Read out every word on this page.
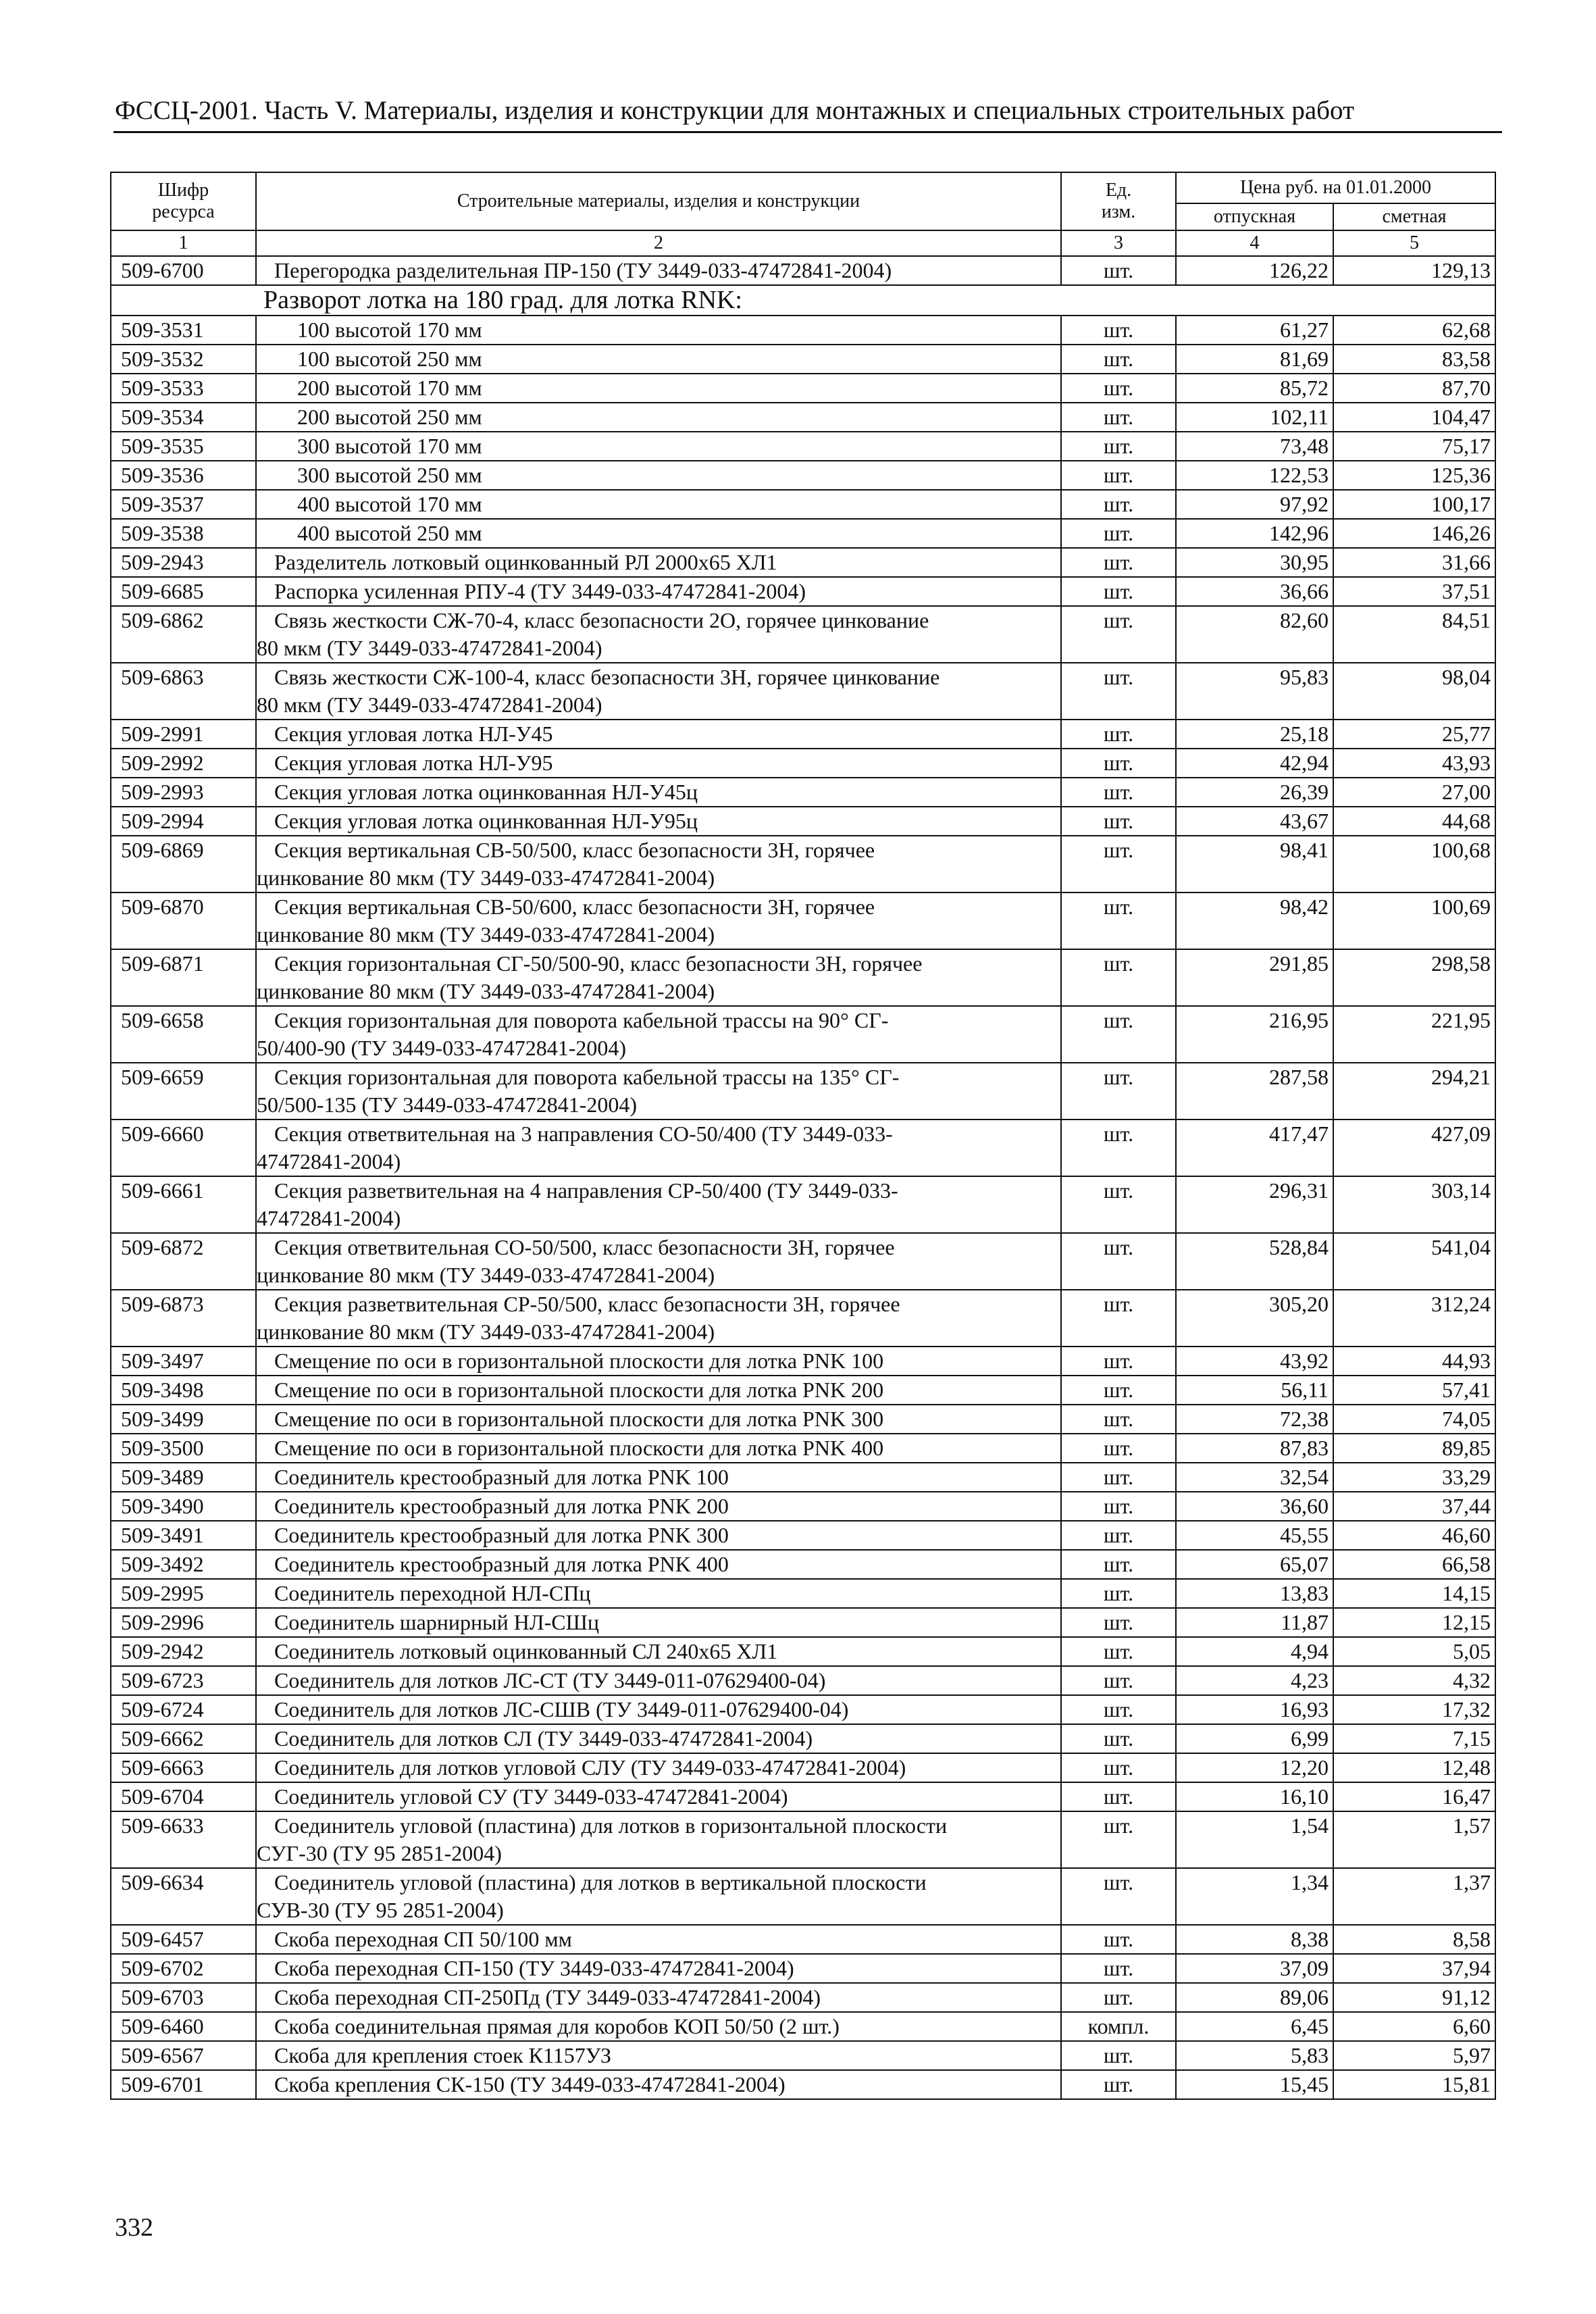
ФССЦ-2001. Часть V. Материалы, изделия и конструкции для монтажных и специальных строительных работ
Шифр ресурса	Строительные материалы, изделия и конструкции	Ед. изм.	Цена руб. на 01.01.2000	
			отпускная	сметная
1	2	3	4	5
509-6700	Перегородка разделительная ПР-150 (ТУ 3449-033-47472841-2004)	шт.	126,22	129,13
Разворот лотка на 180 град. для лотка RNK:				
509-3531	100 высотой 170 мм	шт.	61,27	62,68
509-3532	100 высотой 250 мм	шт.	81,69	83,58
509-3533	200 высотой 170 мм	шт.	85,72	87,70
509-3534	200 высотой 250 мм	шт.	102,11	104,47
509-3535	300 высотой 170 мм	шт.	73,48	75,17
509-3536	300 высотой 250 мм	шт.	122,53	125,36
509-3537	400 высотой 170 мм	шт.	97,92	100,17
509-3538	400 высотой 250 мм	шт.	142,96	146,26
509-2943	Разделитель лотковый оцинкованный РЛ 2000х65 ХЛ1	шт.	30,95	31,66
509-6685	Распорка усиленная РПУ-4 (ТУ 3449-033-47472841-2004)	шт.	36,66	37,51
509-6862	Связь жесткости СЖ-70-4, класс безопасности 2О, горячее цинкование
80 мкм (ТУ 3449-033-47472841-2004)	шт.	82,60	84,51
509-6863	Связь жесткости СЖ-100-4, класс безопасности 3Н, горячее цинкование
80 мкм (ТУ 3449-033-47472841-2004)	шт.	95,83	98,04
509-2991	Секция угловая лотка НЛ-У45	шт.	25,18	25,77
509-2992	Секция угловая лотка НЛ-У95	шт.	42,94	43,93
509-2993	Секция угловая лотка оцинкованная НЛ-У45ц	шт.	26,39	27,00
509-2994	Секция угловая лотка оцинкованная НЛ-У95ц	шт.	43,67	44,68
509-6869	Секция вертикальная СВ-50/500, класс безопасности 3Н, горячее
цинкование 80 мкм (ТУ 3449-033-47472841-2004)	шт.	98,41	100,68
509-6870	Секция вертикальная СВ-50/600, класс безопасности 3Н, горячее
цинкование 80 мкм (ТУ 3449-033-47472841-2004)	шт.	98,42	100,69
509-6871	Секция горизонтальная СГ-50/500-90, класс безопасности 3Н, горячее
цинкование 80 мкм (ТУ 3449-033-47472841-2004)	шт.	291,85	298,58
509-6658	Секция горизонтальная для поворота кабельной трассы на 90° СГ-
50/400-90 (ТУ 3449-033-47472841-2004)	шт.	216,95	221,95
509-6659	Секция горизонтальная для поворота кабельной трассы на 135° СГ-
50/500-135 (ТУ 3449-033-47472841-2004)	шт.	287,58	294,21
509-6660	Секция ответвительная на 3 направления СО-50/400 (ТУ 3449-033-
47472841-2004)	шт.	417,47	427,09
509-6661	Секция разветвительная на 4 направления СР-50/400 (ТУ 3449-033-
47472841-2004)	шт.	296,31	303,14
509-6872	Секция ответвительная СО-50/500, класс безопасности 3Н, горячее
цинкование 80 мкм (ТУ 3449-033-47472841-2004)	шт.	528,84	541,04
509-6873	Секция разветвительная СР-50/500, класс безопасности 3Н, горячее
цинкование 80 мкм (ТУ 3449-033-47472841-2004)	шт.	305,20	312,24
509-3497	Смещение по оси в горизонтальной плоскости для лотка PNK 100	шт.	43,92	44,93
509-3498	Смещение по оси в горизонтальной плоскости для лотка PNK 200	шт.	56,11	57,41
509-3499	Смещение по оси в горизонтальной плоскости для лотка PNK 300	шт.	72,38	74,05
509-3500	Смещение по оси в горизонтальной плоскости для лотка PNK 400	шт.	87,83	89,85
509-3489	Соединитель крестообразный для лотка PNK 100	шт.	32,54	33,29
509-3490	Соединитель крестообразный для лотка PNK 200	шт.	36,60	37,44
509-3491	Соединитель крестообразный для лотка PNK 300	шт.	45,55	46,60
509-3492	Соединитель крестообразный для лотка PNK 400	шт.	65,07	66,58
509-2995	Соединитель переходной НЛ-СПц	шт.	13,83	14,15
509-2996	Соединитель шарнирный НЛ-СШц	шт.	11,87	12,15
509-2942	Соединитель лотковый оцинкованный СЛ 240х65 ХЛ1	шт.	4,94	5,05
509-6723	Соединитель для лотков ЛС-СТ (ТУ 3449-011-07629400-04)	шт.	4,23	4,32
509-6724	Соединитель для лотков ЛС-СШВ (ТУ 3449-011-07629400-04)	шт.	16,93	17,32
509-6662	Соединитель для лотков СЛ (ТУ 3449-033-47472841-2004)	шт.	6,99	7,15
509-6663	Соединитель для лотков угловой СЛУ (ТУ 3449-033-47472841-2004)	шт.	12,20	12,48
509-6704	Соединитель угловой СУ (ТУ 3449-033-47472841-2004)	шт.	16,10	16,47
509-6633	Соединитель угловой (пластина) для лотков в горизонтальной плоскости
СУГ-30 (ТУ 95 2851-2004)	шт.	1,54	1,57
509-6634	Соединитель угловой (пластина) для лотков в вертикальной плоскости
СУВ-30 (ТУ 95 2851-2004)	шт.	1,34	1,37
509-6457	Скоба переходная СП 50/100 мм	шт.	8,38	8,58
509-6702	Скоба переходная СП-150 (ТУ 3449-033-47472841-2004)	шт.	37,09	37,94
509-6703	Скоба переходная СП-250Пд (ТУ 3449-033-47472841-2004)	шт.	89,06	91,12
509-6460	Скоба соединительная прямая для коробов КОП 50/50 (2 шт.)	компл.	6,45	6,60
509-6567	Скоба для крепления стоек К1157УЗ	шт.	5,83	5,97
509-6701	Скоба крепления СК-150 (ТУ 3449-033-47472841-2004)	шт.	15,45	15,81
332
